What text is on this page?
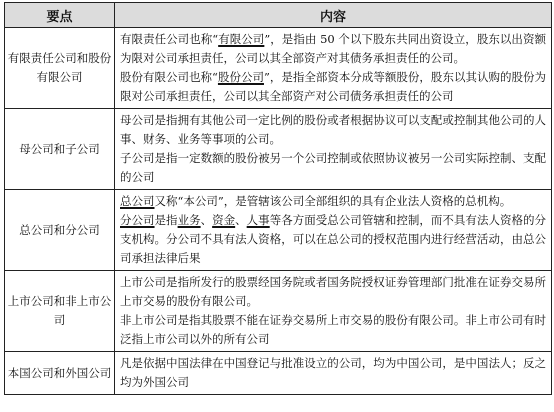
要点	内容
有限责任公司和股份有限公司	有限责任公司也称“有限公司”，是指由 50 个以下股东共同出资设立，股东以出资额为限对公司承担责任，公司以其全部资产对其债务承担责任的公司。
股份有限公司也称“股份公司”，是指全部资本分成等额股份，股东以其认购的股份为限对公司承担责任，公司以其全部资产对公司债务承担责任的公司

母公司和子公司	母公司是指拥有其他公司一定比例的股份或者根据协议可以支配或控制其他公司的人事、财务、业务等事项的公司。
子公司是指一定数额的股份被另一个公司控制或依照协议被另一公司实际控制、支配的公司

总公司和分公司	总公司又称“本公司”，是管辖该公司全部组织的具有企业法人资格的总机构。
分公司是指业务、资金、人事等各方面受总公司管辖和控制，而不具有法人资格的分支机构。分公司不具有法人资格，可以在总公司的授权范围内进行经营活动，由总公司承担法律后果

上市公司和非上市公司	上市公司是指所发行的股票经国务院或者国务院授权证券管理部门批准在证券交易所上市交易的股份有限公司。
非上市公司是指其股票不能在证券交易所上市交易的股份有限公司。非上市公司有时泛指上市公司以外的所有公司

本国公司和外国公司	凡是依据中国法律在中国登记与批准设立的公司，均为中国公司，是中国法人；反之均为外国公司
